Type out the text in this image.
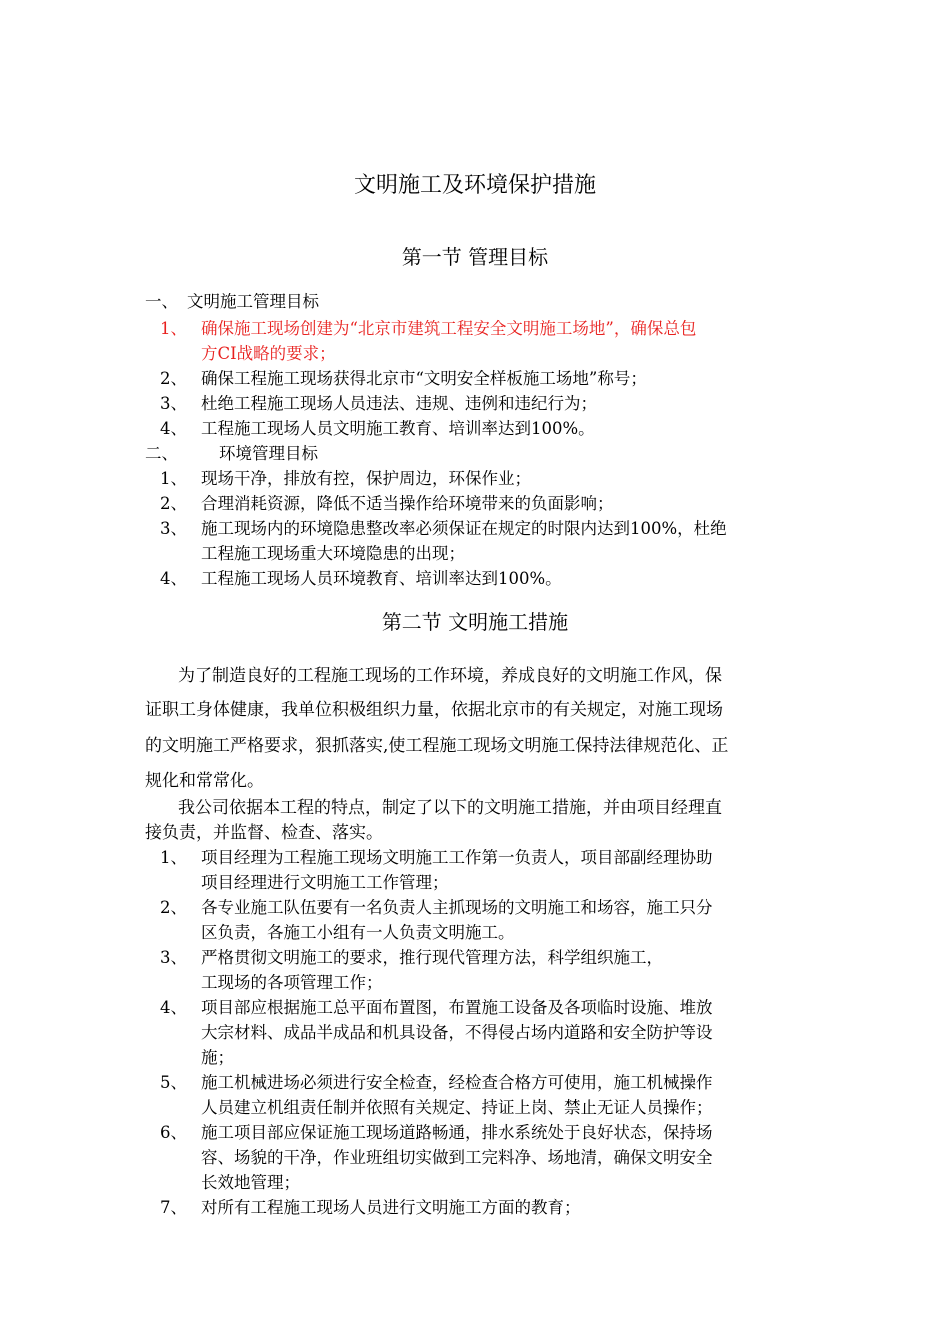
文明施工及环境保护措施
第一节 管理目标
一、 文明施工管理目标
1、 确保施工现场创建为“北京市建筑工程安全文明施工场地”，确保总包
方CI战略的要求；
2、 确保工程施工现场获得北京市“文明安全样板施工场地”称号；
3、 杜绝工程施工现场人员违法、违规、违例和违纪行为；
4、 工程施工现场人员文明施工教育、培训率达到100%。
二、 环境管理目标
1、 现场干净，排放有控，保护周边，环保作业；
2、 合理消耗资源，降低不适当操作给环境带来的负面影响；
3、 施工现场内的环境隐患整改率必须保证在规定的时限内达到100%，杜绝
工程施工现场重大环境隐患的出现；
4、 工程施工现场人员环境教育、培训率达到100%。
第二节 文明施工措施
为了制造良好的工程施工现场的工作环境，养成良好的文明施工作风，保
证职工身体健康，我单位积极组织力量，依据北京市的有关规定，对施工现场
的文明施工严格要求，狠抓落实,使工程施工现场文明施工保持法律规范化、正
规化和常常化。
我公司依据本工程的特点，制定了以下的文明施工措施，并由项目经理直
接负责，并监督、检查、落实。
1、 项目经理为工程施工现场文明施工工作第一负责人，项目部副经理协助
项目经理进行文明施工工作管理；
2、 各专业施工队伍要有一名负责人主抓现场的文明施工和场容，施工只分
区负责，各施工小组有一人负责文明施工。
3、 严格贯彻文明施工的要求，推行现代管理方法，科学组织施工，
工现场的各项管理工作；
4、 项目部应根据施工总平面布置图，布置施工设备及各项临时设施、堆放
大宗材料、成品半成品和机具设备，不得侵占场内道路和安全防护等设
施；
5、 施工机械进场必须进行安全检查，经检查合格方可使用，施工机械操作
人员建立机组责任制并依照有关规定、持证上岗、禁止无证人员操作；
6、 施工项目部应保证施工现场道路畅通，排水系统处于良好状态，保持场
容、场貌的干净，作业班组切实做到工完料净、场地清，确保文明安全
长效地管理；
7、 对所有工程施工现场人员进行文明施工方面的教育；
